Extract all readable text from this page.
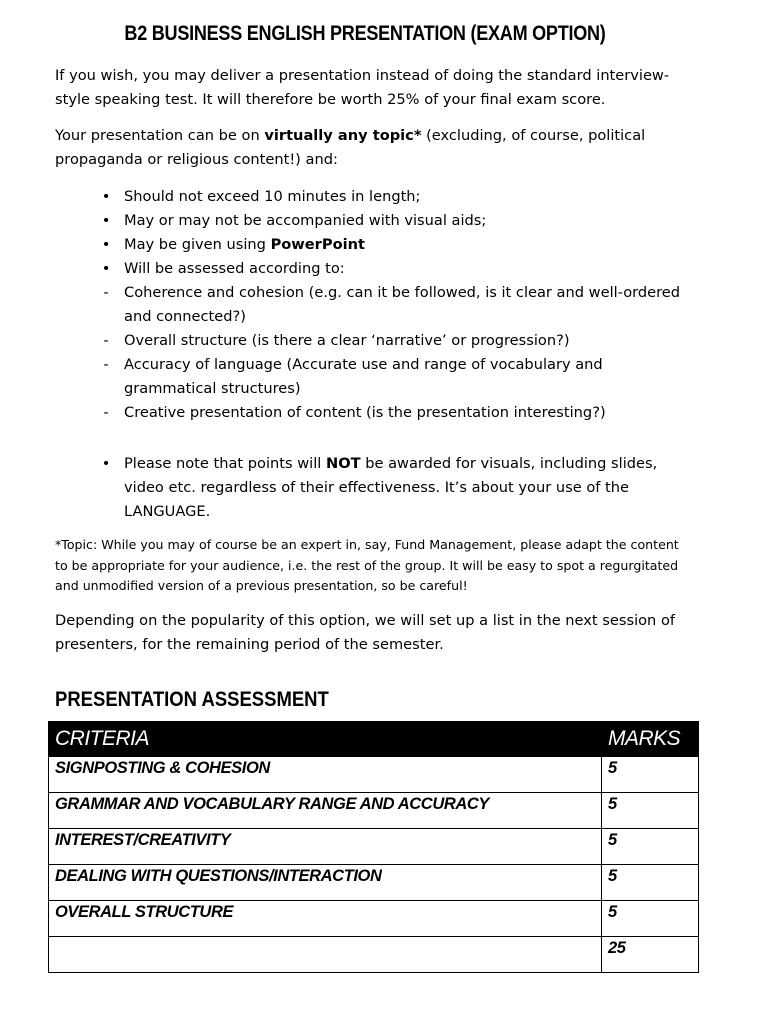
B2 BUSINESS ENGLISH PRESENTATION (EXAM OPTION)

If you wish, you may deliver a presentation instead of doing the standard interview-style speaking test. It will therefore be worth 25% of your final exam score.

Your presentation can be on virtually any topic* (excluding, of course, political propaganda or religious content!) and:

• Should not exceed 10 minutes in length;
• May or may not be accompanied with visual aids;
• May be given using PowerPoint
• Will be assessed according to:
- Coherence and cohesion (e.g. can it be followed, is it clear and well-ordered and connected?)
- Overall structure (is there a clear ‘narrative’ or progression?)
- Accuracy of language (Accurate use and range of vocabulary and grammatical structures)
- Creative presentation of content (is the presentation interesting?)
• Please note that points will NOT be awarded for visuals, including slides, video etc. regardless of their effectiveness. It’s about your use of the LANGUAGE.

*Topic: While you may of course be an expert in, say, Fund Management, please adapt the content to be appropriate for your audience, i.e. the rest of the group. It will be easy to spot a regurgitated and unmodified version of a previous presentation, so be careful!

Depending on the popularity of this option, we will set up a list in the next session of presenters, for the remaining period of the semester.

PRESENTATION ASSESSMENT
CRITERIA	MARKS
SIGNPOSTING & COHESION	5
GRAMMAR AND VOCABULARY RANGE AND ACCURACY	5
INTEREST/CREATIVITY	5
DEALING WITH QUESTIONS/INTERACTION	5
OVERALL STRUCTURE	5
	25
